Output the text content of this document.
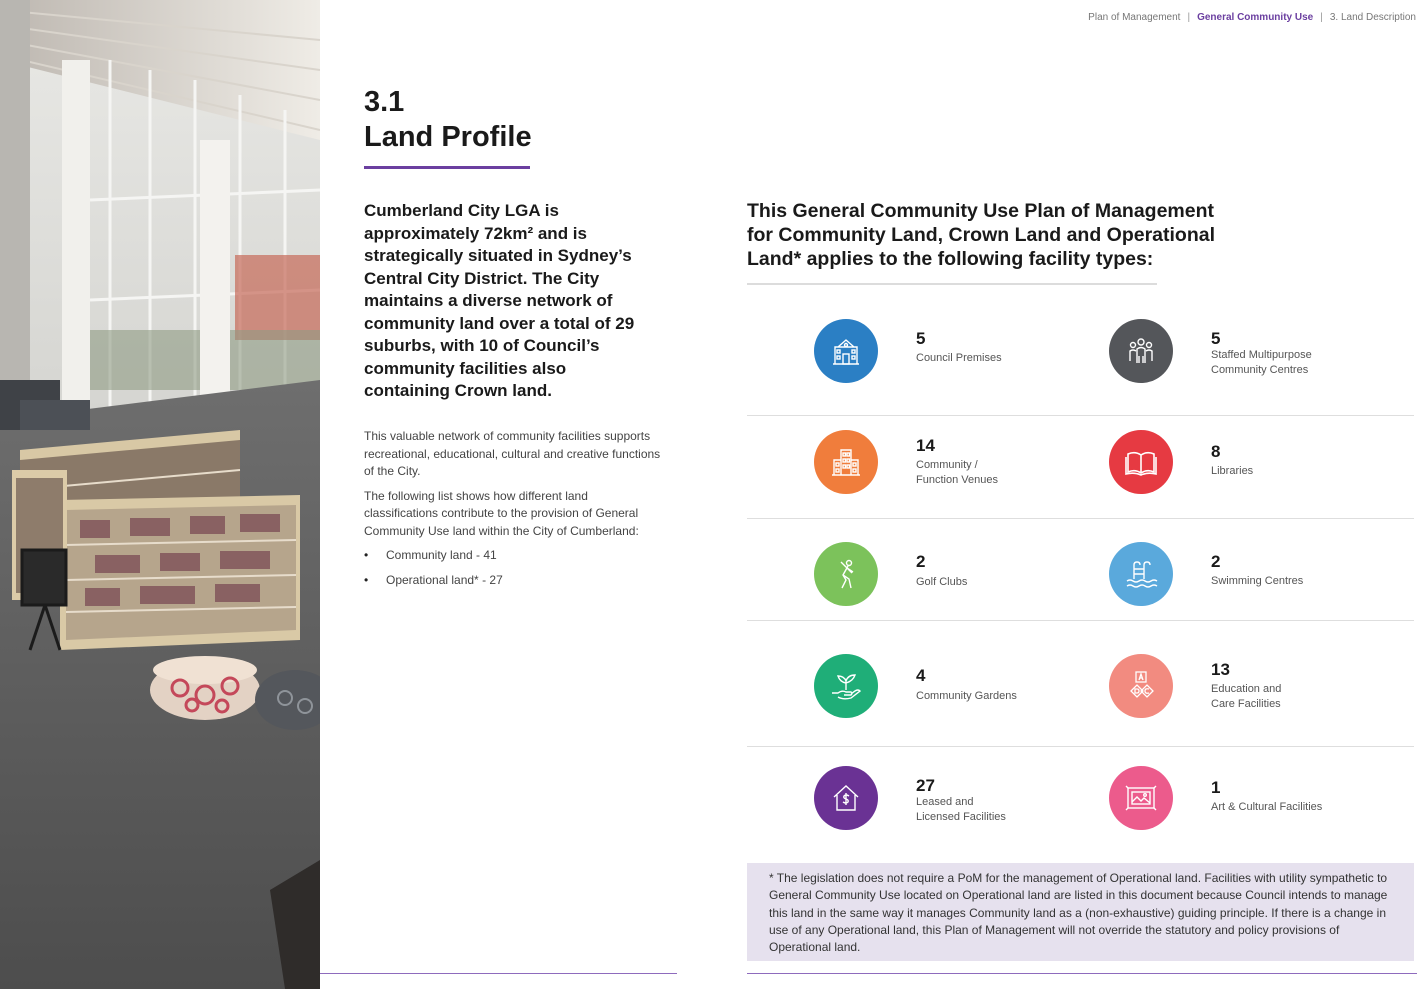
Plan of Management | General Community Use | 3. Land Description
3.1
Land Profile
Cumberland City LGA is approximately 72km² and is strategically situated in Sydney’s Central City District. The City maintains a diverse network of community land over a total of 29 suburbs, with 10 of Council’s community facilities also containing Crown land.

This valuable network of community facilities supports recreational, educational, cultural and creative functions of the City.

The following list shows how different land classifications contribute to the provision of General Community Use land within the City of Cumberland:

• Community land - 41
• Operational land* - 27
This General Community Use Plan of Management for Community Land, Crown Land and Operational Land* applies to the following facility types:
5
Council Premises
5
Staffed Multipurpose
Community Centres
14
Community /
Function Venues
8
Libraries
2
Golf Clubs
2
Swimming Centres
4
Community Gardens
13
Education and
Care Facilities
27
Leased and
Licensed Facilities
1
Art & Cultural Facilities
* The legislation does not require a PoM for the management of Operational land. Facilities with utility sympathetic to General Community Use located on Operational land are listed in this document because Council intends to manage this land in the same way it manages Community land as a (non-exhaustive) guiding principle. If there is a change in use of any Operational land, this Plan of Management will not override the statutory and policy provisions of Operational land.
